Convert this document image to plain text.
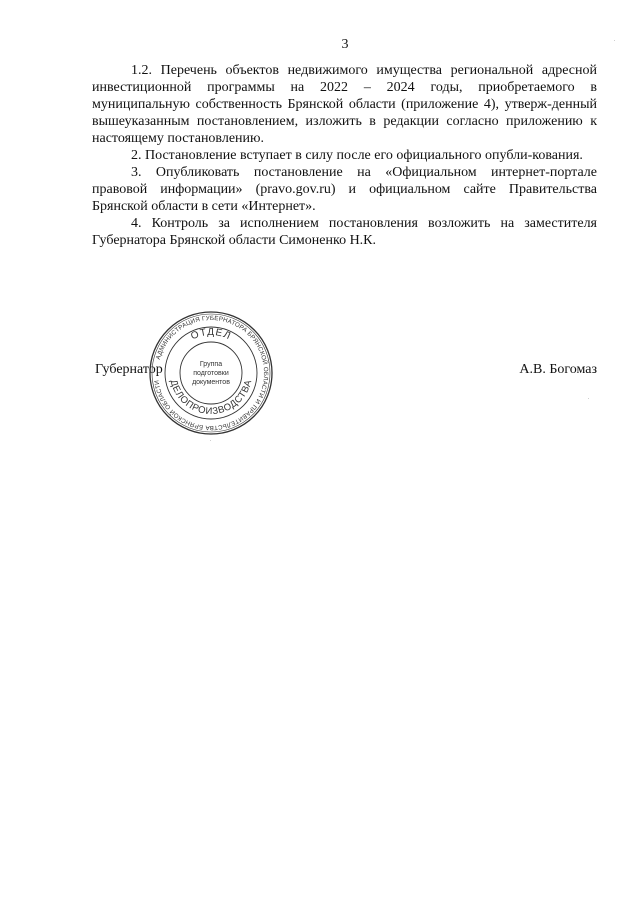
3

1.2. Перечень объектов недвижимого имущества региональной адресной инвестиционной программы на 2022 – 2024 годы, приобретаемого в муниципальную собственность Брянской области (приложение 4), утверж-денный вышеуказанным постановлением, изложить в редакции согласно приложению к настоящему постановлению.

2. Постановление вступает в силу после его официального опубли-кования.

3. Опубликовать постановление на «Официальном интернет-портале правовой информации» (pravo.gov.ru) и официальном сайте Правительства Брянской области в сети «Интернет».

4. Контроль за исполнением постановления возложить на заместителя Губернатора Брянской области Симоненко Н.К.

Губернатор	А.В. Богомаз
АДМИНИСТРАЦИЯ ГУБЕРНАТОРА БРЯНСКОЙ ОБЛАСТИ И ПРАВИТЕЛЬСТВА БРЯНСКОЙ ОБЛАСТИ
ОТДЕЛ
ДЕЛОПРОИЗВОДСТВА
Группа
подготовки
документов
